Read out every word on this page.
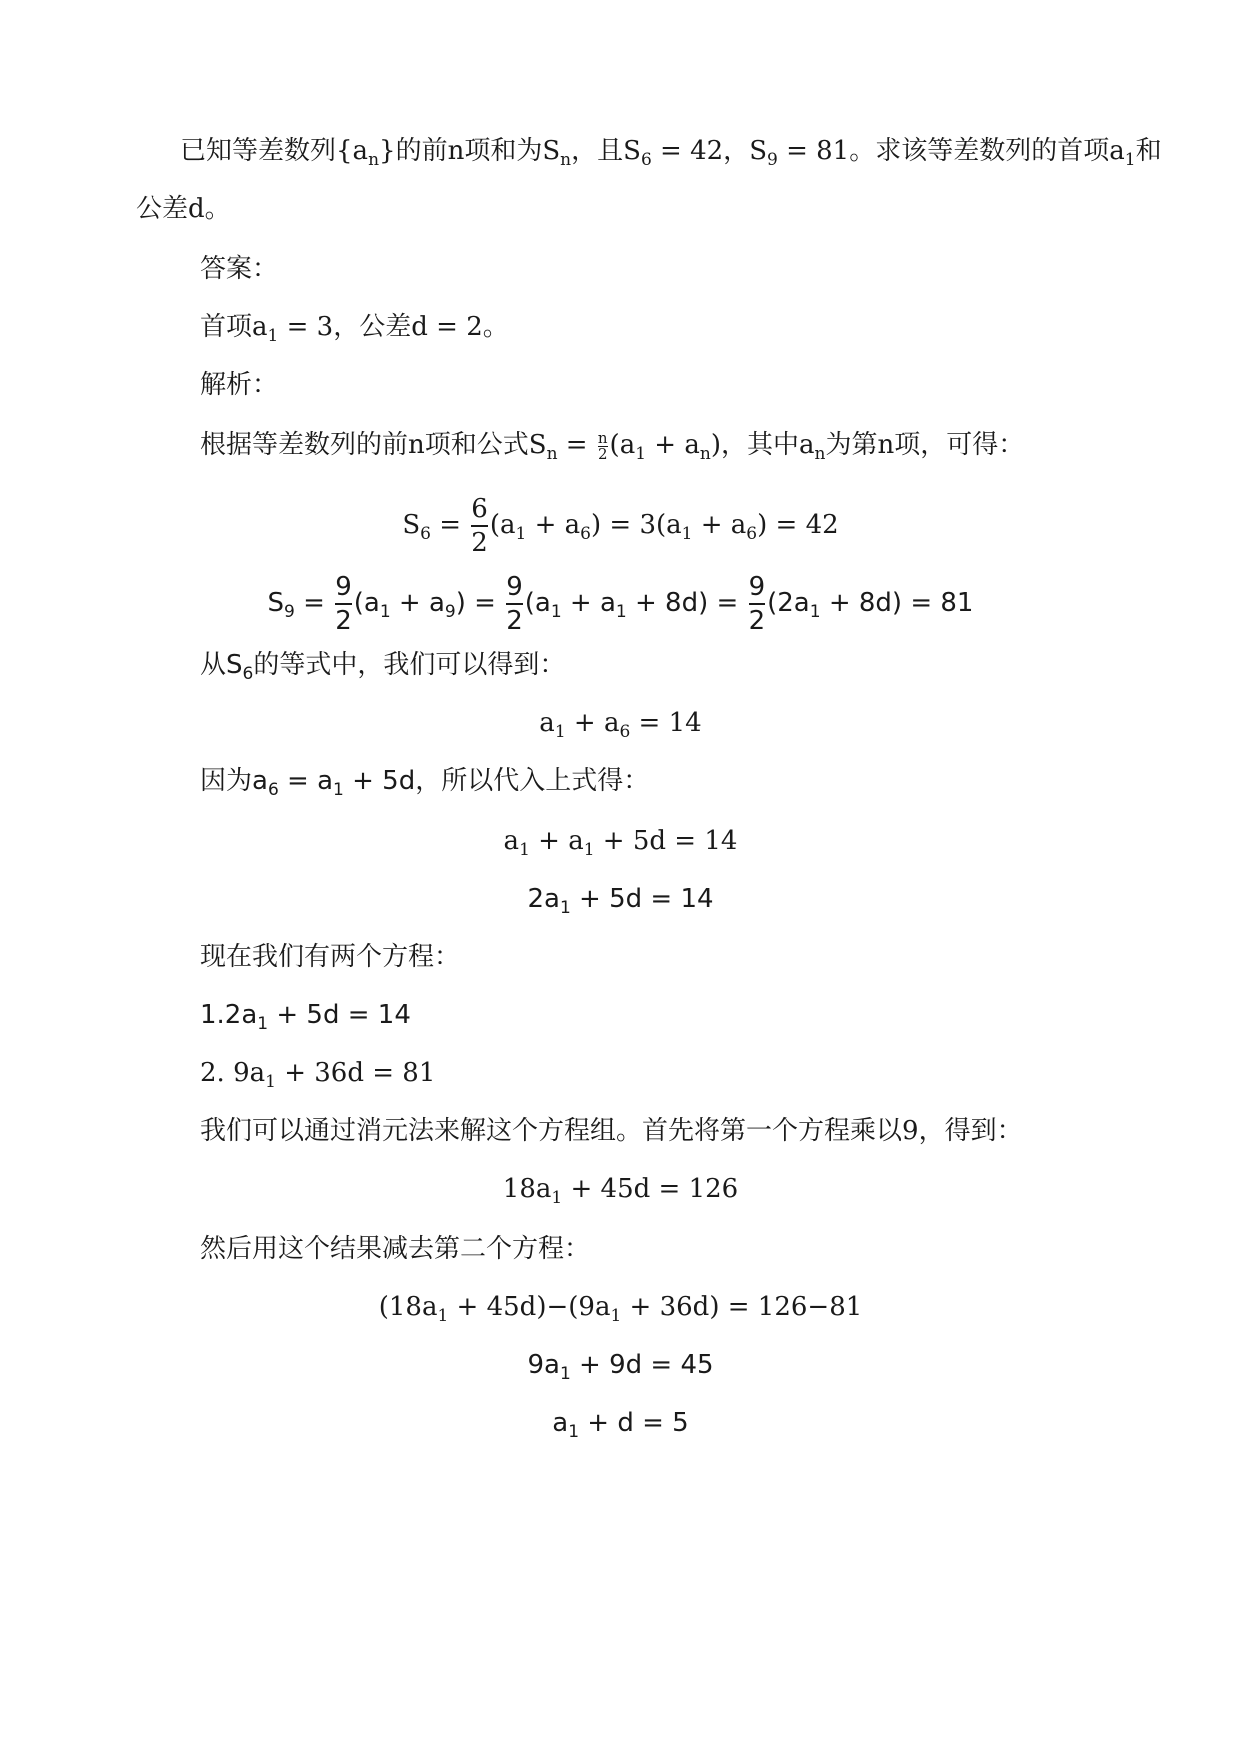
已知等差数列$\{a_n\}$的前n项和为$S_n$，且$S_6 = 42$，$S_9 = 81$。求该等差数列的首项$a_1$和
公差d。
答案：
首项$a_1 = 3$，公差d = 2。
解析：
根据等差数列的前n项和公式$S_n = \frac{n}{2} (a_1 + a_n)$，其中$a_n$为第n项，可得：
$S_6 = \frac{6}{2} (a_1 + a_6) = 3(a_1 + a_6) = 42$
$S_9 = \frac{9}{2} (a_1 + a_9) = \frac{9}{2} (a_1 + a_1 + 8d) = \frac{9}{2} (2a_1 + 8d) = 81$
从$S_6$的等式中，我们可以得到：
$a_1 + a_6 = 14$
因为$a_6 = a_1 + 5d$，所以代入上式得：
$a_1 + a_1 + 5d = 14$
$2a_1 + 5d = 14$
现在我们有两个方程：
$1.2a_1 + 5d = 14$
2. $9a_1 + 36d = 81$
我们可以通过消元法来解这个方程组。首先将第一个方程乘以9，得到：
$18a_1 + 45d = 126$
然后用这个结果减去第二个方程：
$(18a_1 + 45d)-(9a_1 + 36d) = 126-81$
$9a_1 + 9d = 45$
$a_1 + d = 5$
